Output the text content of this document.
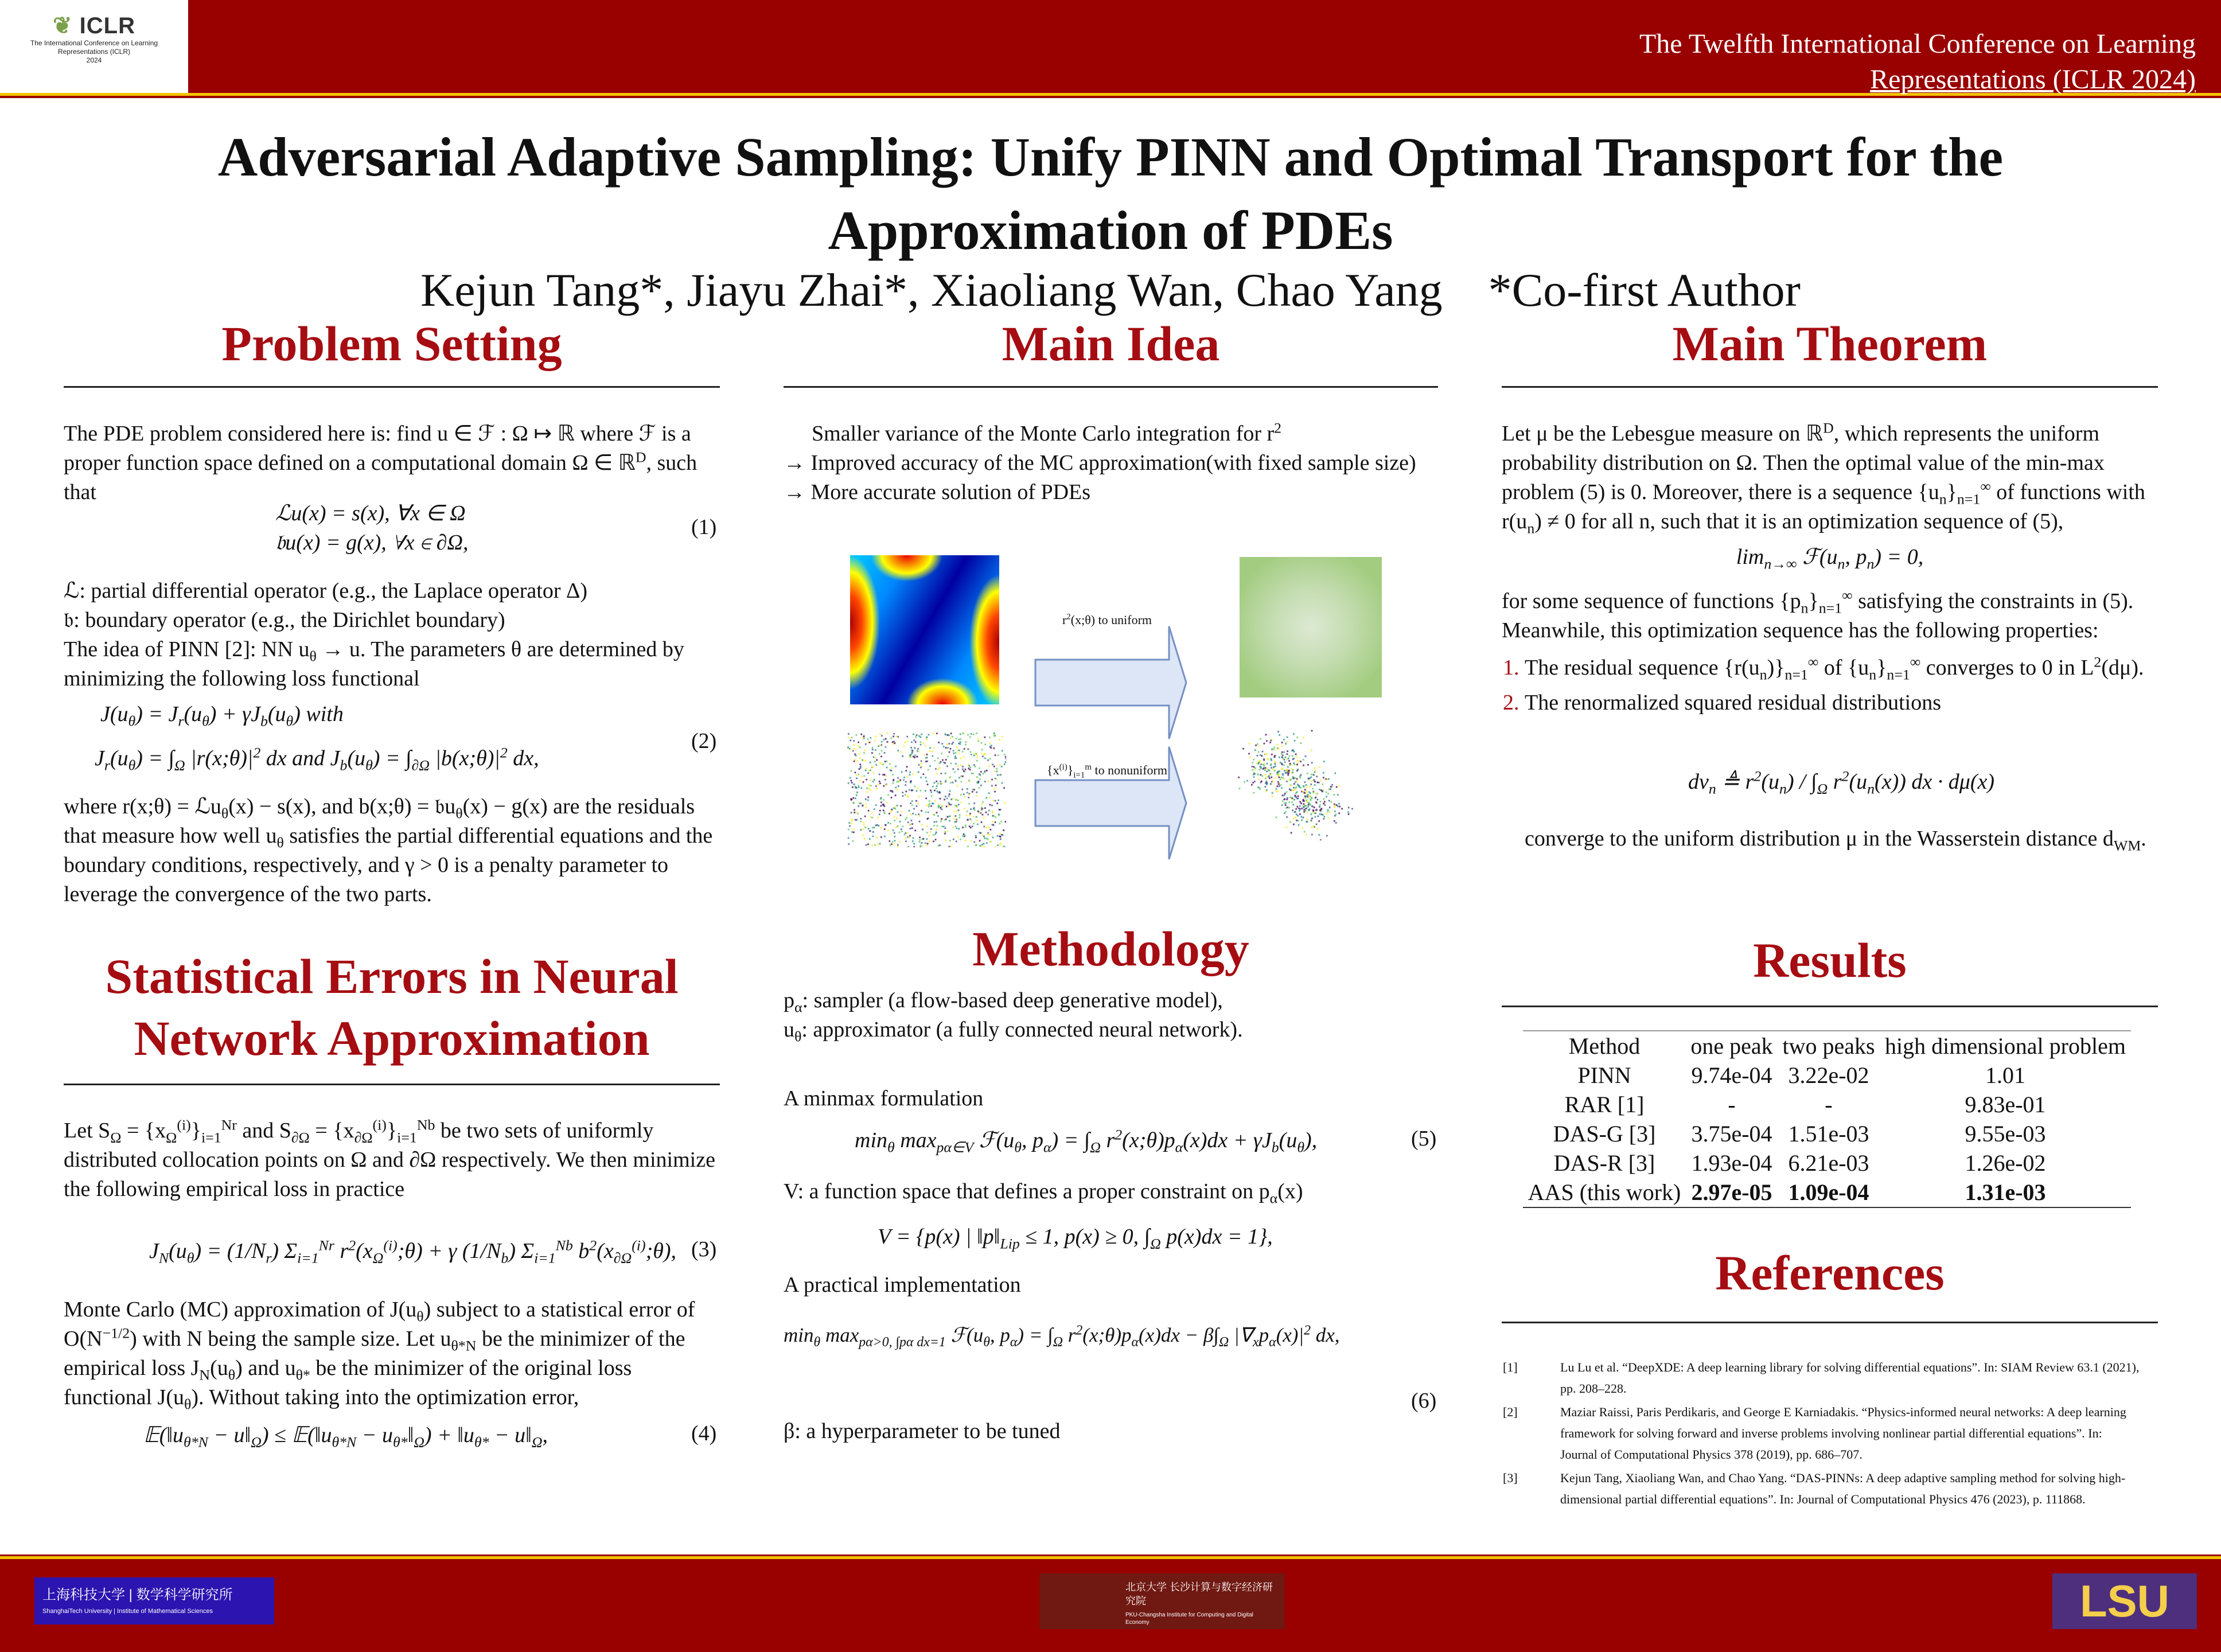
❦ ICLR
The International Conference on Learning
Representations (ICLR)
2024
The Twelfth International Conference on Learning
Representations (ICLR 2024)
Adversarial Adaptive Sampling: Unify PINN and Optimal Transport for the
Approximation of PDEs
Kejun Tang*, Jiayu Zhai*, Xiaoliang Wan, Chao Yang *Co-first Author
Problem Setting
The PDE problem considered here is: find u ∈ ℱ : Ω ↦ ℝ where ℱ is a proper function space defined on a computational domain Ω ∈ ℝ$^D$, such that
ℒu(x) = s(x), ∀x ∈ Ω
𝔟u(x) = g(x), ∀x ∈ ∂Ω,
(1)
ℒ: partial differential operator (e.g., the Laplace operator Δ)
𝔟: boundary operator (e.g., the Dirichlet boundary)
The idea of PINN [2]: NN $u_\theta \to u$. The parameters θ are determined by minimizing the following loss functional
$J(u_\theta) = J_r(u_\theta) + \gamma J_b(u_\theta)$ with
$J_r(u_\theta) = \int_\Omega$ $|r(x;\theta)|^2$ dx and $J_b(u_\theta) = \int_{\partial\Omega}$ $|b(x;\theta)|^2$ dx,
(2)
where r(x;θ) = ℒu$_\theta$(x) − s(x), and b(x;θ) = 𝔟u$_\theta$(x) − g(x) are the residuals that measure how well $u_\theta$ satisfies the partial differential equations and the boundary conditions, respectively, and γ > 0 is a penalty parameter to leverage the convergence of the two parts.
Statistical Errors in Neural
Network Approximation
Let $S_\Omega = \{x_\Omega^{(i)}\}_{i=1}^{Nr}$ and $S_{\partial\Omega} = \{x_{\partial\Omega}^{(i)}\}_{i=1}^{Nb}$ be two sets of uniformly distributed collocation points on Ω and ∂Ω respectively. We then minimize the following empirical loss in practice
$J_N(u_\theta) = (1/N_r)$ $\Sigma_{i=1}^{Nr}$ $r^2(x_\Omega^{(i)};\theta) + \gamma$ $(1/N_b)$ $\Sigma_{i=1}^{Nb}$ $b^2(x_{\partial\Omega}^{(i)};\theta)$, (3)
Monte Carlo (MC) approximation of $J(u_\theta)$ subject to a statistical error of $O(N^{-1/2})$ with N being the sample size. Let $u_{\theta*N}$ be the minimizer of the empirical loss $J_N(u_\theta)$ and $u_{\theta*}$ be the minimizer of the original loss functional $J(u_\theta)$. Without taking into the optimization error,
$𝔼(‖u_{\theta*N}$ − $u‖_\Omega$) ≤ $𝔼(‖u_{\theta*N}$ − $u_{\theta*}‖_\Omega$) + $‖u_{\theta*}$ − $u‖_\Omega$,	(4)
Main Idea
Smaller variance of the Monte Carlo integration for $r^2$
→ Improved accuracy of the MC approximation(with fixed sample size)
→ More accurate solution of PDEs
$r^2(x;\theta)$ to uniform
$\{x^{(i)}\}_{i=1}^m$ to nonuniform
Methodology
$p_\alpha$: sampler (a flow-based deep generative model),
$u_\theta$: approximator (a fully connected neural network).
A minmax formulation
$\min_\theta \max_{p\alpha\in V}$ $ℱ(u_\theta$, $p_\alpha) = \int_\Omega$ $r^2(x;\theta)p_\alpha(x)dx + \gamma J_b(u_\theta)$,	(5)
V: a function space that defines a proper constraint on $p_\alpha(x)$
V = {p(x) | $‖p‖_{Lip} \le 1$, p(x) ≥ 0, $\int_\Omega$ p(x)dx = 1},
A practical implementation
$\min_\theta \max_{p\alpha>0, \int p\alpha dx=1}$ $ℱ(u_\theta$, $p_\alpha) = \int_\Omega$ $r^2(x;\theta)p_\alpha(x)dx - \beta\int_\Omega$ $|\nabla_xp_\alpha(x)|^2$ dx,
(6)
β: a hyperparameter to be tuned
Main Theorem
Let μ be the Lebesgue measure on ℝ$^D$, which represents the uniform probability distribution on Ω. Then the optimal value of the min-max problem (5) is 0. Moreover, there is a sequence $\{u_n\}_{n=1}^\infty$ of functions with $r(u_n) \ne 0$ for all n, such that it is an optimization sequence of (5),
$\lim_{n\to\infty}$ $ℱ(u_n$, $p_n) = 0$,
for some sequence of functions $\{p_n\}_{n=1}^\infty$ satisfying the constraints in (5). Meanwhile, this optimization sequence has the following properties:
1. The residual sequence $\{r(u_n)\}_{n=1}^\infty$ of $\{u_n\}_{n=1}^\infty$ converges to 0 in $L^2(d\mu)$.
2. The renormalized squared residual distributions
$d\nu_n$ ≜ $r^2(u_n) / \int_\Omega$ $r^2(u_n(x))$ dx · dμ(x)
converge to the uniform distribution μ in the Wasserstein distance $d_{WM}$.
Results
Method	one peak	two peaks	high dimensional problem
PINN	9.74e-04	3.22e-02	1.01
RAR [1]	-	-	9.83e-01
DAS-G [3]	3.75e-04	1.51e-03	9.55e-03
DAS-R [3]	1.93e-04	6.21e-03	1.26e-02
AAS (this work)	2.97e-05	1.09e-04	1.31e-03
References
[1]	Lu Lu et al. “DeepXDE: A deep learning library for solving differential equations”. In: SIAM Review 63.1 (2021), pp. 208–228.
[2]	Maziar Raissi, Paris Perdikaris, and George E Karniadakis. “Physics-informed neural networks: A deep learning framework for solving forward and inverse problems involving nonlinear partial differential equations”. In: Journal of Computational Physics 378 (2019), pp. 686–707.
[3]	Kejun Tang, Xiaoliang Wan, and Chao Yang. “DAS-PINNs: A deep adaptive sampling method for solving high-dimensional partial differential equations”. In: Journal of Computational Physics 476 (2023), p. 111868.
上海科技大学 | 数学科学研究所
ShanghaiTech University | Institute of Mathematical Sciences
北京大学 长沙计算与数字经济研究院
PKU-Changsha Institute for Computing and Digital Economy	LSU
